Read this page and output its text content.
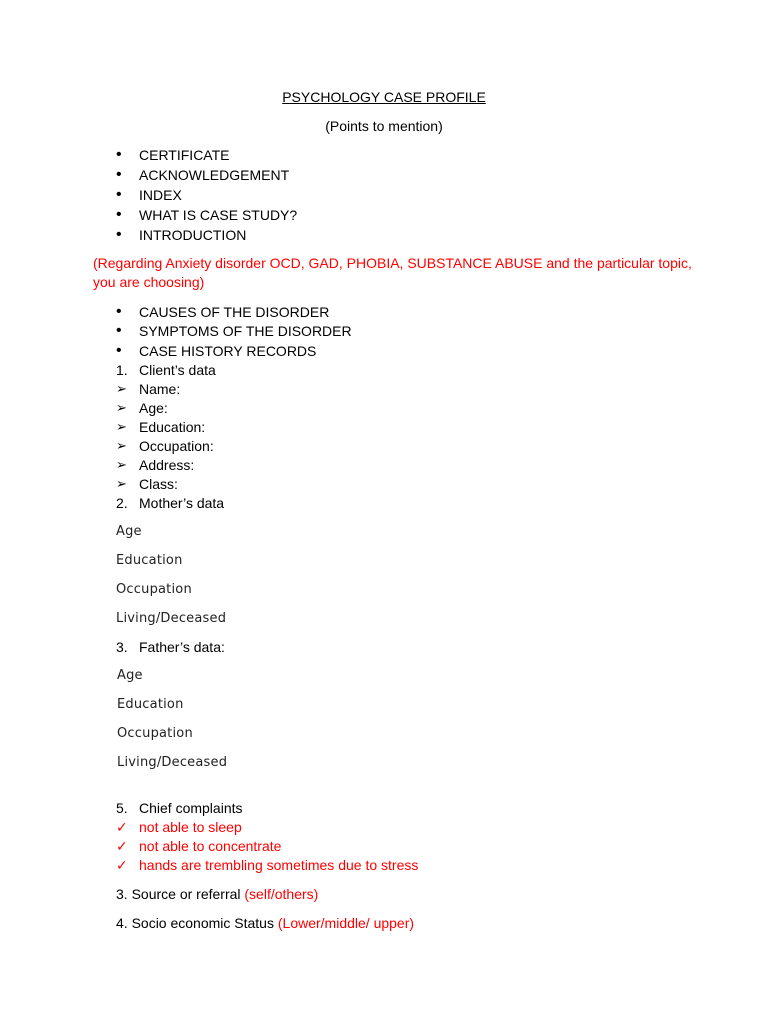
PSYCHOLOGY CASE PROFILE
(Points to mention)
•	CERTIFICATE
•	ACKNOWLEDGEMENT
•	INDEX
•	WHAT IS CASE STUDY?
•	INTRODUCTION
(Regarding Anxiety disorder OCD, GAD, PHOBIA, SUBSTANCE ABUSE and the particular topic,
you are choosing)
•	CAUSES OF THE DISORDER
•	SYMPTOMS OF THE DISORDER
•	CASE HISTORY RECORDS
1. Client’s data
➢ Name:
➢ Age:
➢ Education:
➢ Occupation:
➢ Address:
➢ Class:
2. Mother’s data
Age
Education
Occupation
Living/Deceased
3. Father’s data:
Age
Education
Occupation
Living/Deceased
5. Chief complaints
✓ not able to sleep
✓ not able to concentrate
✓ hands are trembling sometimes due to stress
3. Source or referral (self/others)
4. Socio economic Status (Lower/middle/ upper)
